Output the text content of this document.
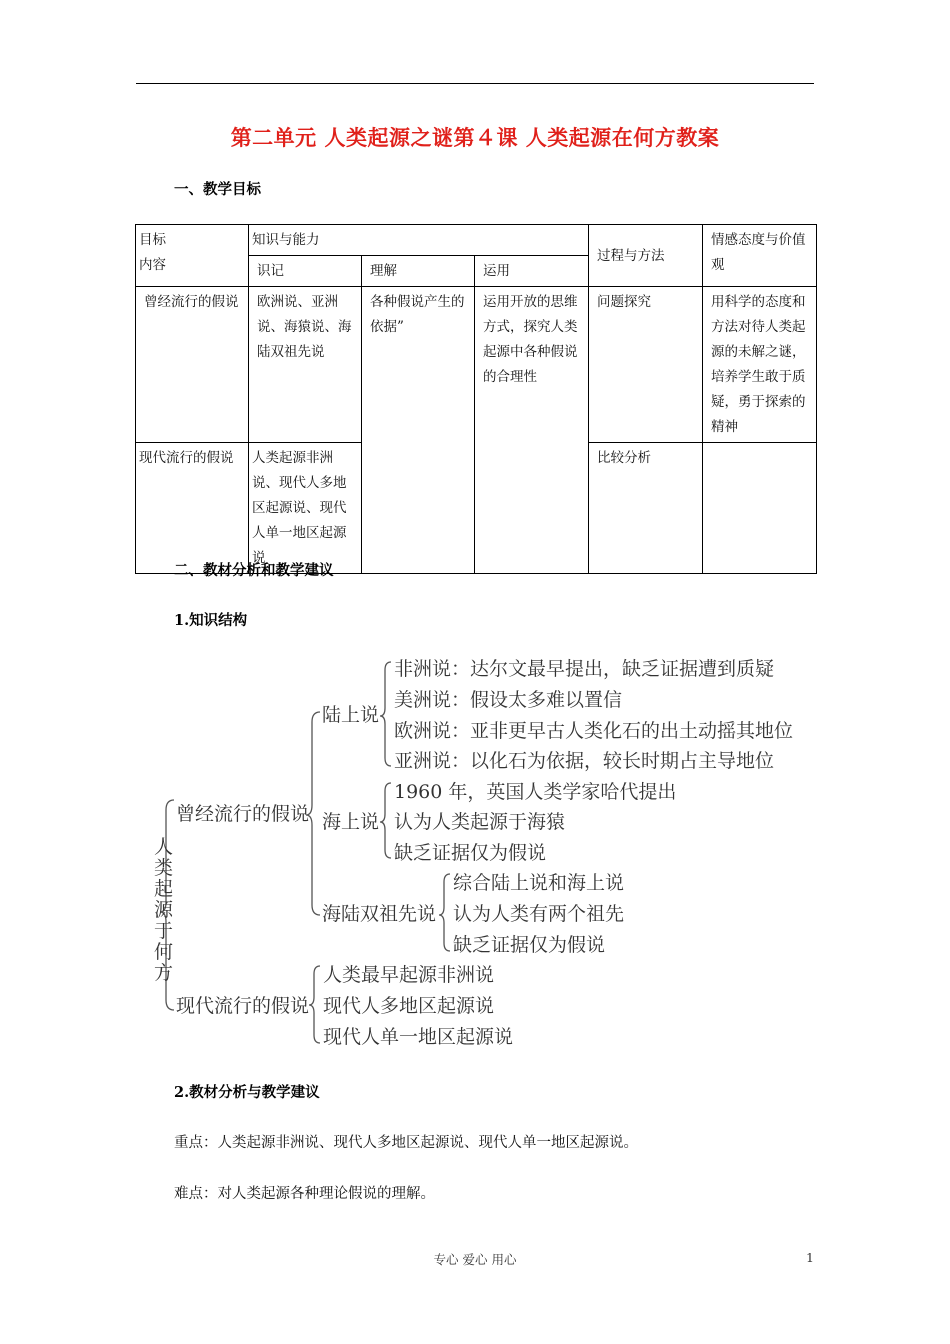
第二单元 人类起源之谜第４课 人类起源在何方教案
一、教学目标
目标
内容	知识与能力			过程与方法	情感态度与价值观
	识记	理解	运用		
曾经流行的假说	欧洲说、亚洲说、海猿说、海陆双祖先说	各种假说产生的依据”	运用开放的思维方式，探究人类起源中各种假说的合理性	问题探究	用科学的态度和方法对待人类起源的未解之谜，培养学生敢于质疑，勇于探索的精神
现代流行的假说	人类起源非洲说、现代人多地区起源说、现代人单一地区起源说			比较分析	
二、教材分析和教学建议
1.知识结构
人
类
起
源
于
何
方
曾经流行的假说
现代流行的假说
陆上说
海上说
海陆双祖先说
非洲说：达尔文最早提出，缺乏证据遭到质疑
美洲说：假设太多难以置信
欧洲说：亚非更早古人类化石的出土动摇其地位
亚洲说：以化石为依据，较长时期占主导地位
1960 年，英国人类学家哈代提出
认为人类起源于海猿
缺乏证据仅为假说
综合陆上说和海上说
认为人类有两个祖先
缺乏证据仅为假说
人类最早起源非洲说
现代人多地区起源说
现代人单一地区起源说
2.教材分析与教学建议
重点：人类起源非洲说、现代人多地区起源说、现代人单一地区起源说。
难点：对人类起源各种理论假说的理解。
专心 爱心 用心	1
